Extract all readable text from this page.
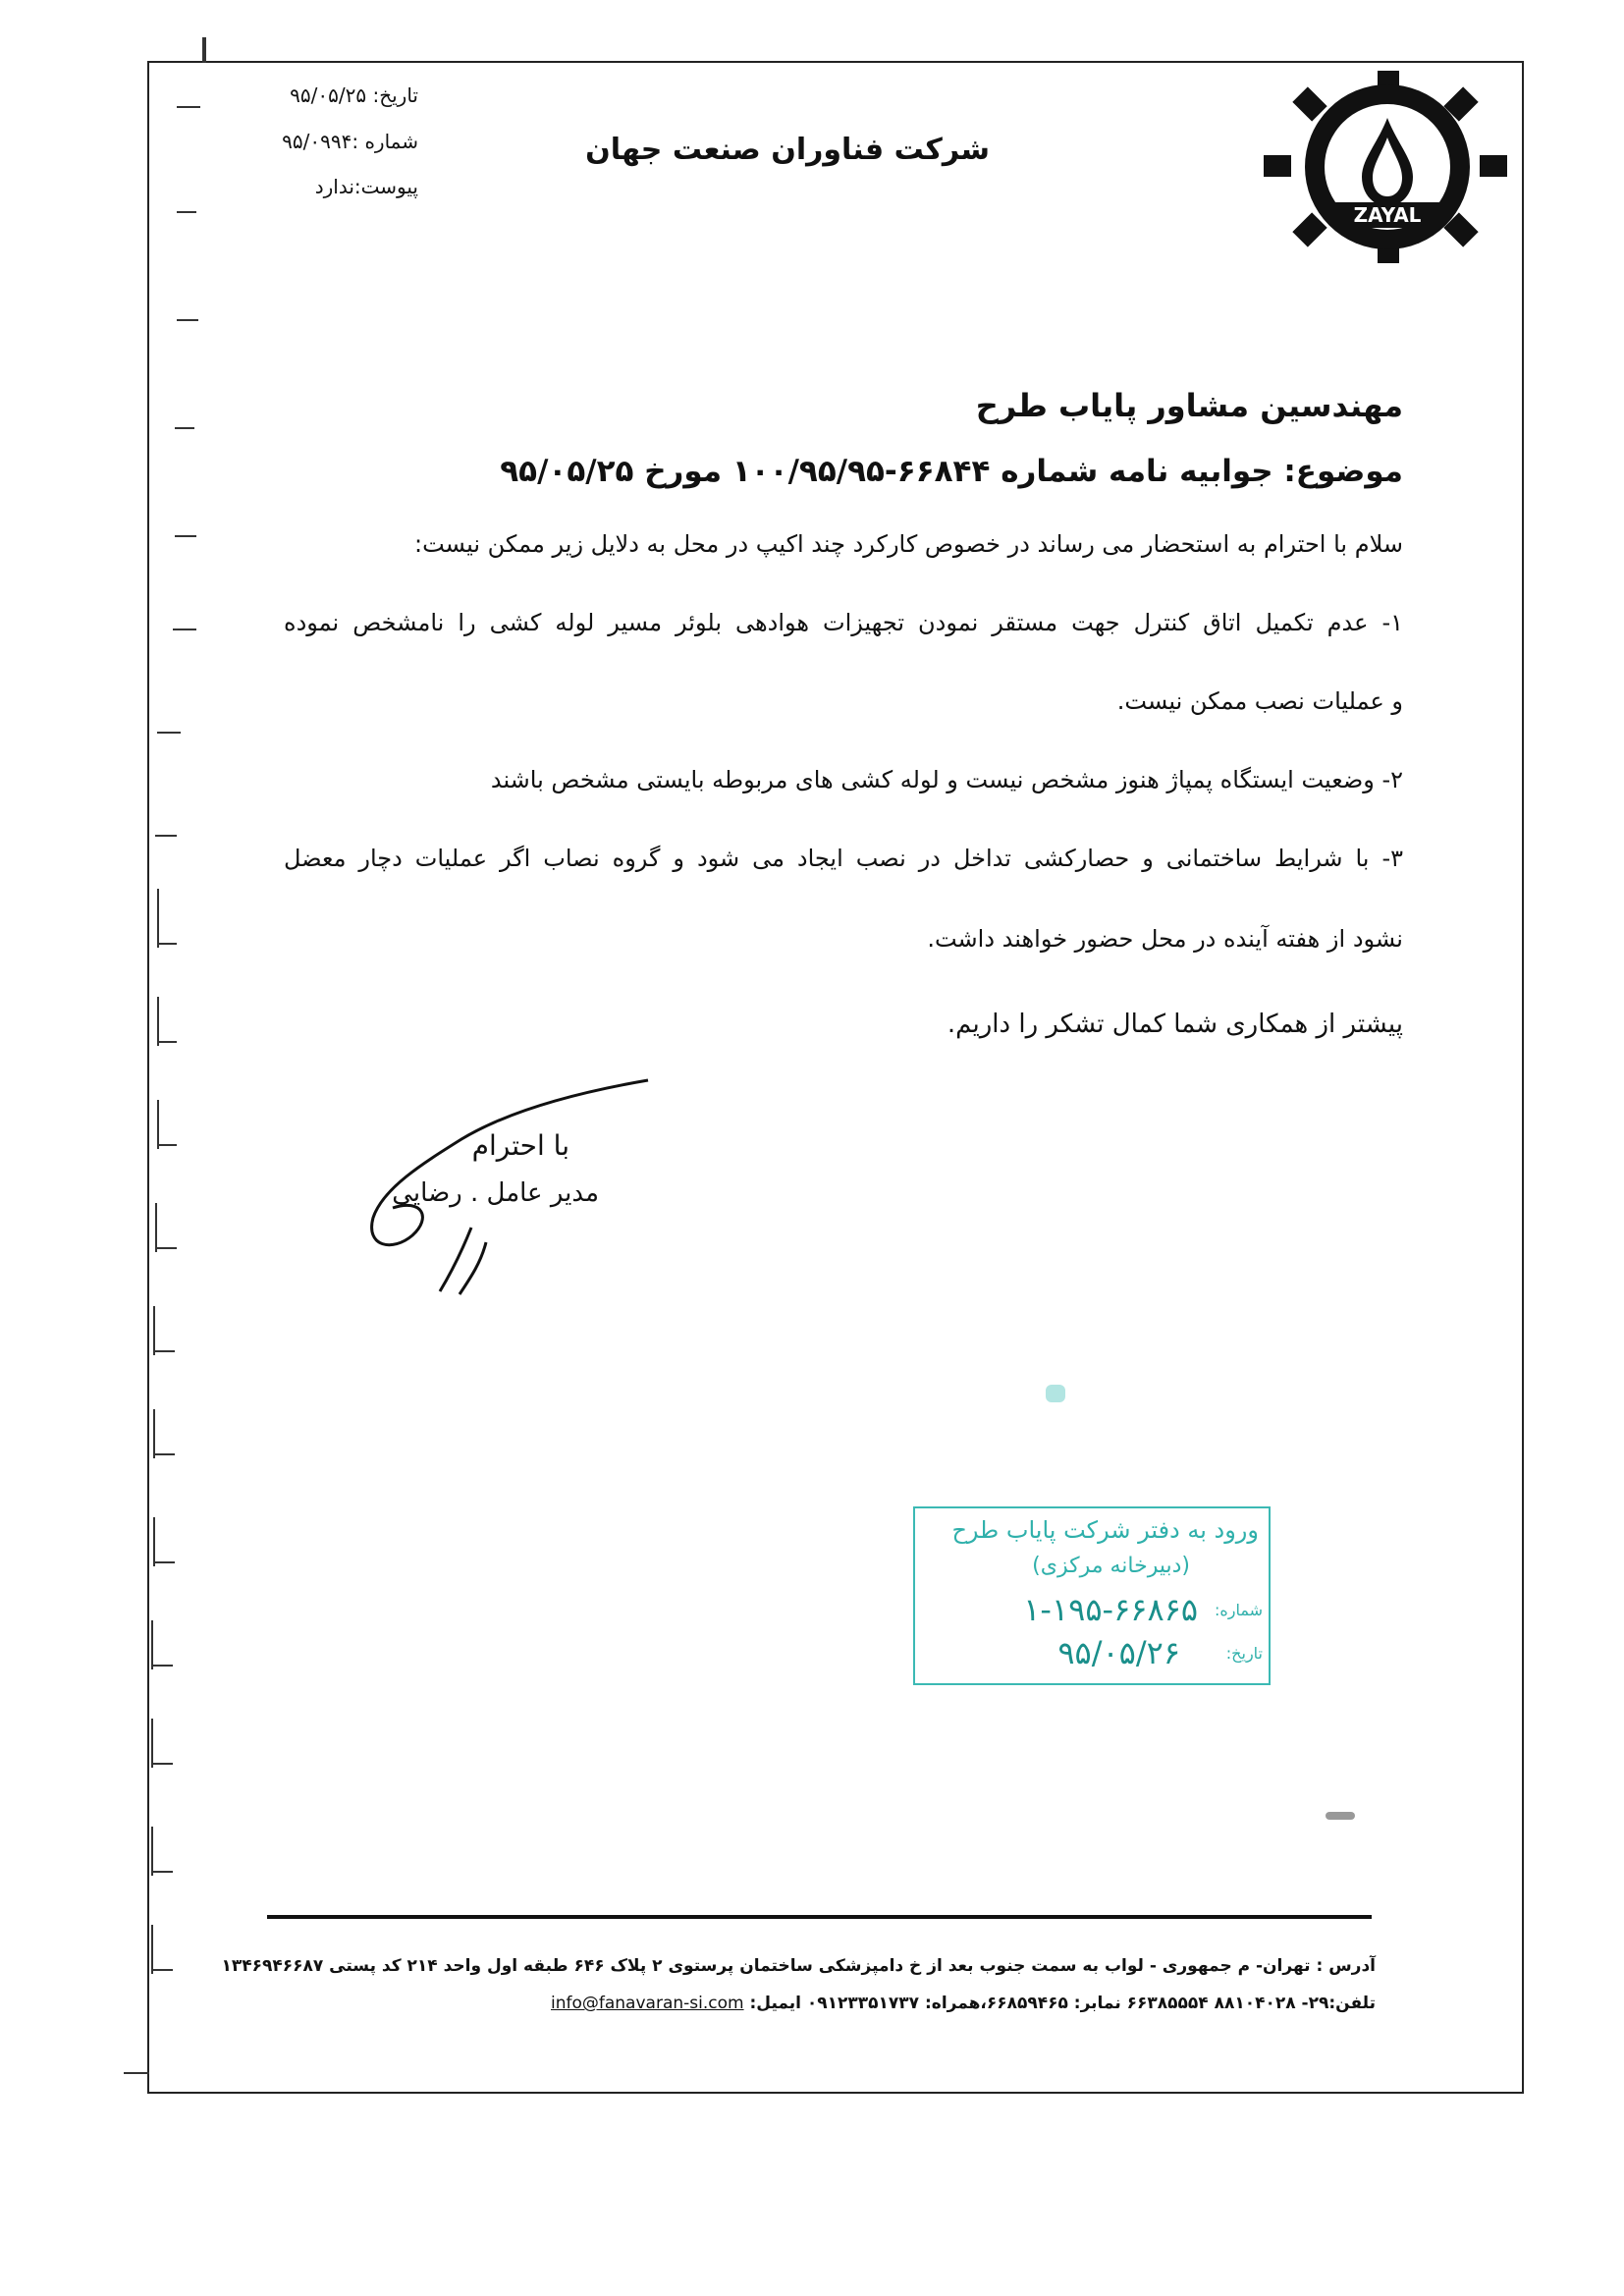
ZAYAL
شرکت فناوران صنعت جهان
تاریخ: ۹۵/۰۵/۲۵
شماره :۹۵/۰۹۹۴
پیوست:ندارد
مهندسین مشاور پایاب طرح
موضوع: جوابیه نامه شماره ۶۶۸۴۴-۱۰۰/۹۵/۹۵ مورخ ۹۵/۰۵/۲۵
سلام با احترام به استحضار می رساند در خصوص کارکرد چند اکیپ در محل به دلایل زیر ممکن نیست:
۱- عدم تکمیل اتاق کنترل جهت مستقر نمودن تجهیزات هوادهی بلوئر مسیر لوله کشی را نامشخص نموده
و عملیات نصب ممکن نیست.
۲- وضعیت ایستگاه پمپاژ هنوز مشخص نیست و لوله کشی های مربوطه بایستی مشخص باشند
۳- با شرایط ساختمانی و حصارکشی تداخل در نصب ایجاد می شود و گروه نصاب اگر عملیات دچار معضل
نشود از هفته آینده در محل حضور خواهند داشت.
پیشتر از همکاری شما کمال تشکر را داریم.
با احترام
مدیر عامل . رضایی
ورود به دفتر شرکت پایاب طرح
(دبیرخانه مرکزی)
شماره:
۱-۱۹۵-۶۶۸۶۵
تاریخ:
۹۵/۰۵/۲۶
آدرس : تهران- م جمهوری - لواب به سمت جنوب بعد از خ دامپزشکی ساختمان پرستوی ۲ پلاک ۶۴۶ طبقه اول واحد ۲۱۴ کد پستی ۱۳۴۶۹۴۶۶۸۷
تلفن:۲۹- ۸۸۱۰۴۰۲۸ ۶۶۳۸۵۵۵۴ نمابر: ۶۶۸۵۹۴۶۵،همراه: ۰۹۱۲۳۳۵۱۷۳۷ ایمیل: info@fanavaran-si.com
